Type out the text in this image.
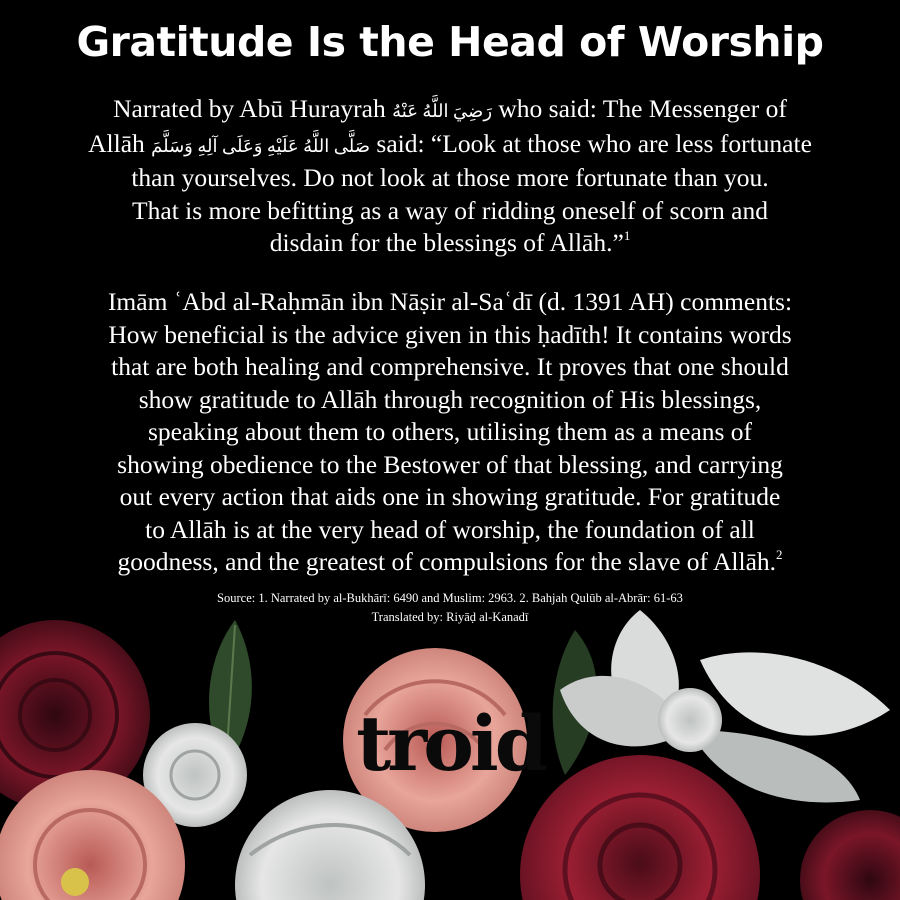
Gratitude Is the Head of Worship

Narrated by Abū Hurayrah رَضِيَ اللَّهُ عَنْهُ who said: The Messenger of
Allāh صَلَّى اللَّهُ عَلَيْهِ وَعَلَى آلِهِ وَسَلَّمَ said: “Look at those who are less fortunate
than yourselves. Do not look at those more fortunate than you.
That is more befitting as a way of ridding oneself of scorn and
disdain for the blessings of Allāh.”$^1$

Imām ʿAbd al-Raḥmān ibn Nāṣir al-Saʿdī (d. 1391 AH) comments:
How beneficial is the advice given in this ḥadīth! It contains words
that are both healing and comprehensive. It proves that one should
show gratitude to Allāh through recognition of His blessings,
speaking about them to others, utilising them as a means of
showing obedience to the Bestower of that blessing, and carrying
out every action that aids one in showing gratitude. For gratitude
to Allāh is at the very head of worship, the foundation of all
goodness, and the greatest of compulsions for the slave of Allāh.$^2$

Source: 1. Narrated by al-Bukhārī: 6490 and Muslim: 2963. 2. Bahjah Qulūb al-Abrār: 61-63
Translated by: Riyāḍ al-Kanadī
troid
